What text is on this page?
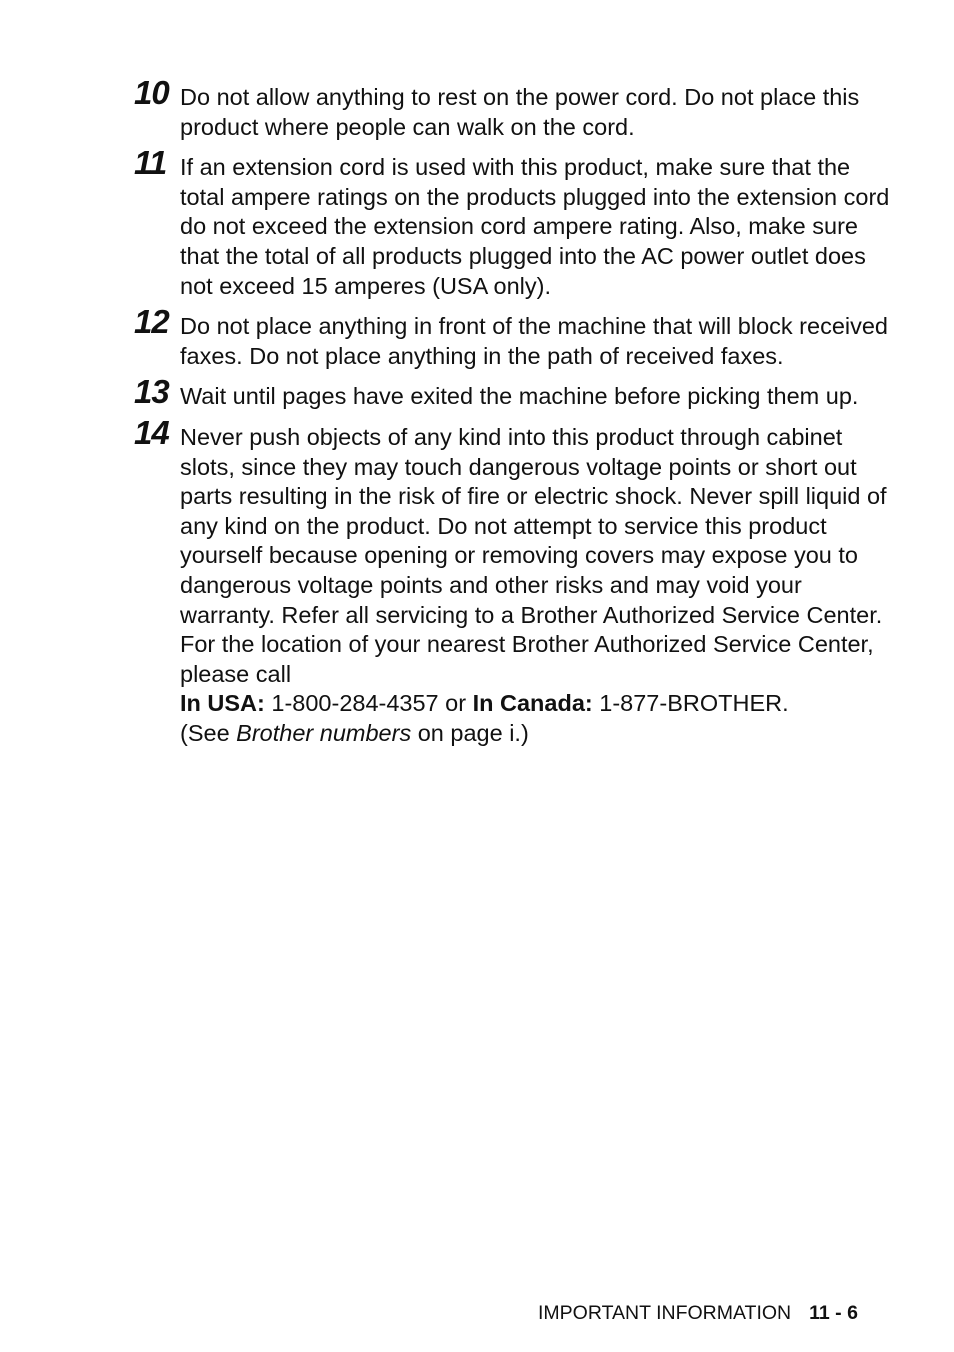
10 Do not allow anything to rest on the power cord. Do not place this product where people can walk on the cord.
11 If an extension cord is used with this product, make sure that the total ampere ratings on the products plugged into the extension cord do not exceed the extension cord ampere rating. Also, make sure that the total of all products plugged into the AC power outlet does not exceed 15 amperes (USA only).
12 Do not place anything in front of the machine that will block received faxes. Do not place anything in the path of received faxes.
13 Wait until pages have exited the machine before picking them up.
14 Never push objects of any kind into this product through cabinet slots, since they may touch dangerous voltage points or short out parts resulting in the risk of fire or electric shock. Never spill liquid of any kind on the product. Do not attempt to service this product yourself because opening or removing covers may expose you to dangerous voltage points and other risks and may void your warranty. Refer all servicing to a Brother Authorized Service Center. For the location of your nearest Brother Authorized Service Center, please call
In USA: 1-800-284-4357 or In Canada: 1-877-BROTHER.
(See Brother numbers on page i.)
IMPORTANT INFORMATION 11 - 6
